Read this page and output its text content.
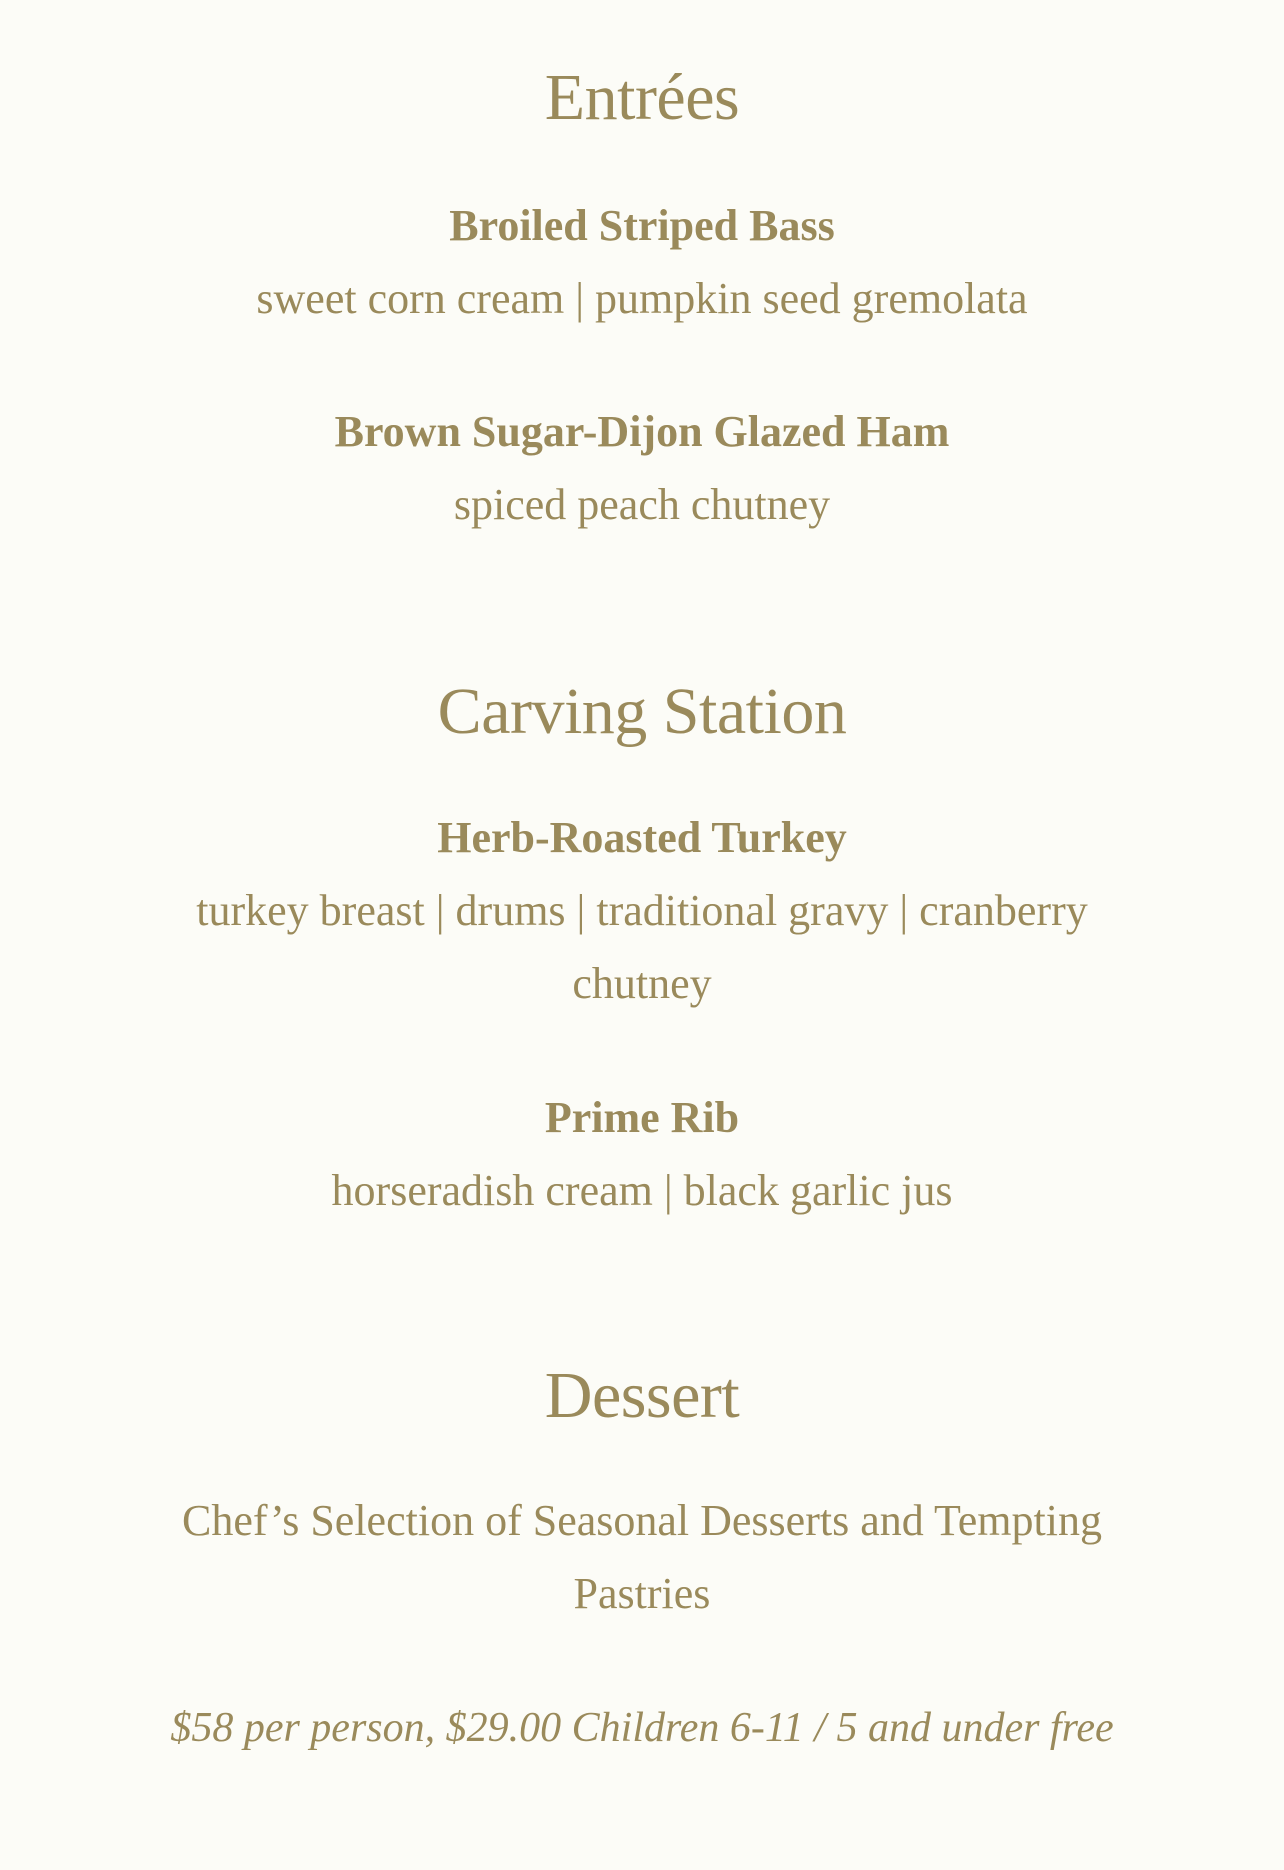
Entrées
Broiled Striped Bass
sweet corn cream | pumpkin seed gremolata
Brown Sugar-Dijon Glazed Ham
spiced peach chutney
Carving Station
Herb-Roasted Turkey
turkey breast | drums | traditional gravy | cranberry chutney
Prime Rib
horseradish cream | black garlic jus
Dessert
Chef’s Selection of Seasonal Desserts and Tempting Pastries
$58 per person, $29.00 Children 6-11 / 5 and under free
